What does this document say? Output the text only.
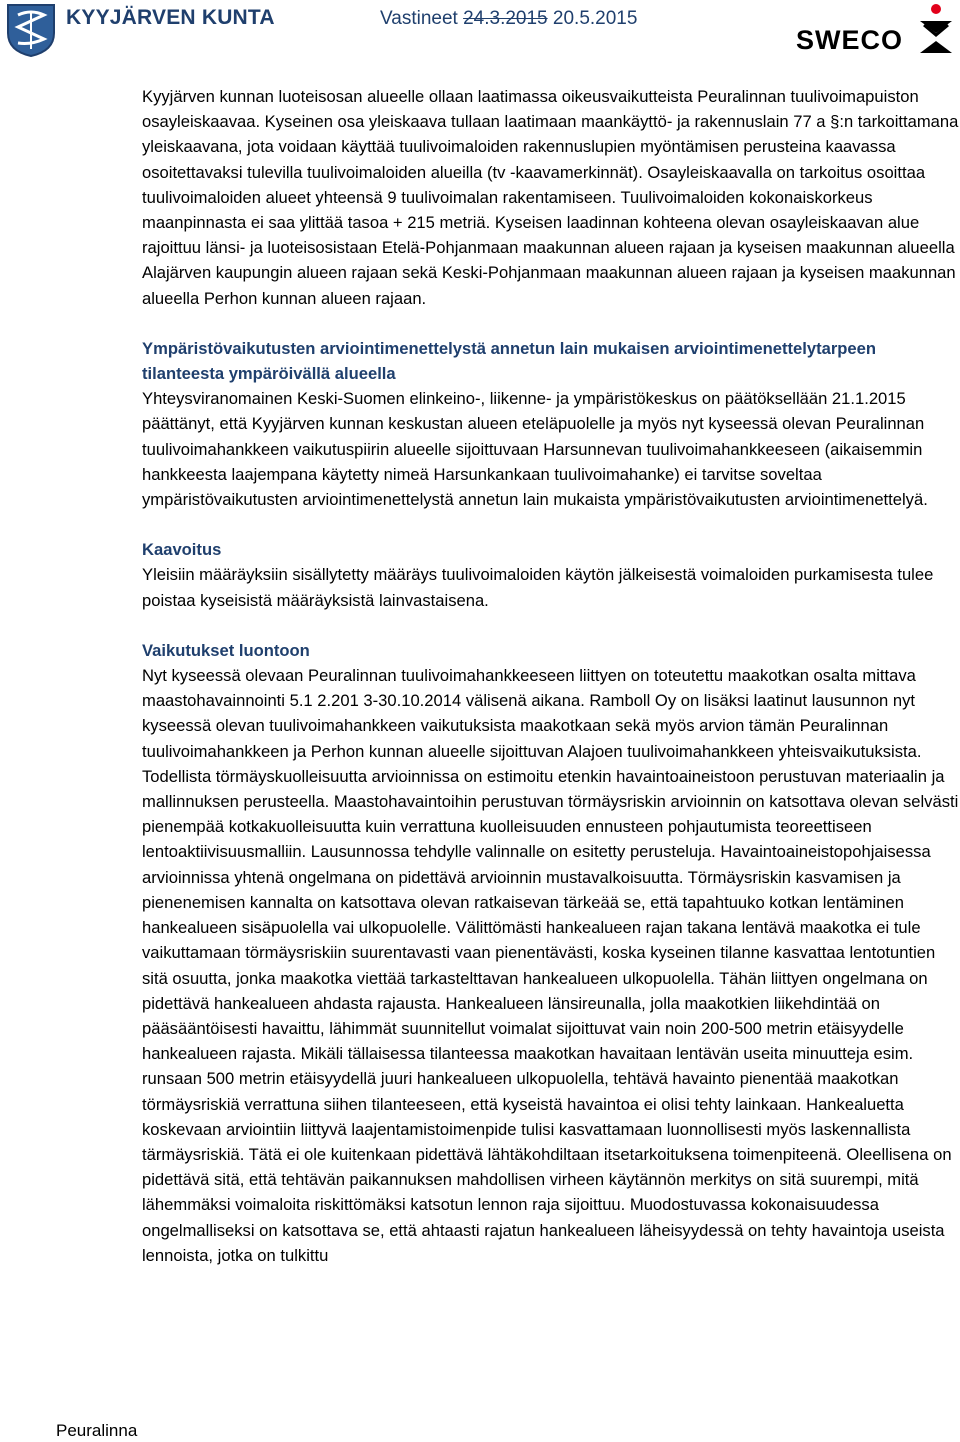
KYYJÄRVEN KUNTA	Vastineet 24.3.2015 20.5.2015
SWECO

Kyyjärven kunnan luoteisosan alueelle ollaan laatimassa oikeusvaikutteista Peuralinnan tuulivoimapuiston osayleiskaavaa. Kyseinen osa yleiskaava tullaan laatimaan maankäyttö- ja rakennuslain 77 a §:n tarkoittamana yleiskaavana, jota voidaan käyttää tuulivoimaloiden rakennuslupien myöntämisen perusteina kaavassa osoitettavaksi tulevilla tuulivoimaloiden alueilla (tv -kaavamerkinnät). Osayleiskaavalla on tarkoitus osoittaa tuulivoimaloiden alueet yhteensä 9 tuulivoimalan rakentamiseen. Tuulivoimaloiden kokonaiskorkeus maanpinnasta ei saa ylittää tasoa + 215 metriä. Kyseisen laadinnan kohteena olevan osayleiskaavan alue rajoittuu länsi- ja luoteisosistaan Etelä-Pohjanmaan maakunnan alueen rajaan ja kyseisen maakunnan alueella Alajärven kaupungin alueen rajaan sekä Keski-Pohjanmaan maakunnan alueen rajaan ja kyseisen maakunnan alueella Perhon kunnan alueen rajaan.

Ympäristövaikutusten arviointimenettelystä annetun lain mukaisen arviointimenettelytarpeen tilanteesta ympäröivällä alueella

Yhteysviranomainen Keski-Suomen elinkeino-, liikenne- ja ympäristökeskus on päätöksellään 21.1.2015 päättänyt, että Kyyjärven kunnan keskustan alueen eteläpuolelle ja myös nyt kyseessä olevan Peuralinnan tuulivoimahankkeen vaikutuspiirin alueelle sijoittuvaan Harsunnevan tuulivoimahankkeeseen (aikaisemmin hankkeesta laajempana käytetty nimeä Harsunkankaan tuulivoimahanke) ei tarvitse soveltaa ympäristövaikutusten arviointimenettelystä annetun lain mukaista ympäristövaikutusten arviointimenettelyä.

Kaavoitus

Yleisiin määräyksiin sisällytetty määräys tuulivoimaloiden käytön jälkeisestä voimaloiden purkamisesta tulee poistaa kyseisistä määräyksistä lainvastaisena.

Vaikutukset luontoon

Nyt kyseessä olevaan Peuralinnan tuulivoimahankkeeseen liittyen on toteutettu maakotkan osalta mittava maastohavainnointi 5.1 2.201 3-30.10.2014 välisenä aikana. Ramboll Oy on lisäksi laatinut lausunnon nyt kyseessä olevan tuulivoimahankkeen vaikutuksista maakotkaan sekä myös arvion tämän Peuralinnan tuulivoimahankkeen ja Perhon kunnan alueelle sijoittuvan Alajoen tuulivoimahankkeen yhteisvaikutuksista. Todellista törmäyskuolleisuutta arvioinnissa on estimoitu etenkin havaintoaineistoon perustuvan materiaalin ja mallinnuksen perusteella. Maastohavaintoihin perustuvan törmäysriskin arvioinnin on katsottava olevan selvästi pienempää kotkakuolleisuutta kuin verrattuna kuolleisuuden ennusteen pohjautumista teoreettiseen lentoaktiivisuusmalliin. Lausunnossa tehdylle valinnalle on esitetty perusteluja. Havaintoaineistopohjaisessa arvioinnissa yhtenä ongelmana on pidettävä arvioinnin mustavalkoisuutta. Törmäysriskin kasvamisen ja pienenemisen kannalta on katsottava olevan ratkaisevan tärkeää se, että tapahtuuko kotkan lentäminen hankealueen sisäpuolella vai ulkopuolelle. Välittömästi hankealueen rajan takana lentävä maakotka ei tule vaikuttamaan törmäysriskiin suurentavasti vaan pienentävästi, koska kyseinen tilanne kasvattaa lentotuntien sitä osuutta, jonka maakotka viettää tarkastelttavan hankealueen ulkopuolella. Tähän liittyen ongelmana on pidettävä hankealueen ahdasta rajausta. Hankealueen länsireunalla, jolla maakotkien liikehdintää on pääsääntöisesti havaittu, lähimmät suunnitellut voimalat sijoittuvat vain noin 200-500 metrin etäisyydelle hankealueen rajasta. Mikäli tällaisessa tilanteessa maakotkan havaitaan lentävän useita minuutteja esim. runsaan 500 metrin etäisyydellä juuri hankealueen ulkopuolella, tehtävä havainto pienentää maakotkan törmäysriskiä verrattuna siihen tilanteeseen, että kyseistä havaintoa ei olisi tehty lainkaan. Hankealuetta koskevaan arviointiin liittyvä laajentamistoimenpide tulisi kasvattamaan luonnollisesti myös laskennallista tärmäysriskiä. Tätä ei ole kuitenkaan pidettävä lähtäkohdiltaan itsetarkoituksena toimenpiteenä. Oleellisena on pidettävä sitä, että tehtävän paikannuksen mahdollisen virheen käytännön merkitys on sitä suurempi, mitä lähemmäksi voimaloita riskittömäksi katsotun lennon raja sijoittuu. Muodostuvassa kokonaisuudessa ongelmalliseksi on katsottava se, että ahtaasti rajatun hankealueen läheisyydessä on tehty havaintoja useista lennoista, jotka on tulkittu

Peuralinna
